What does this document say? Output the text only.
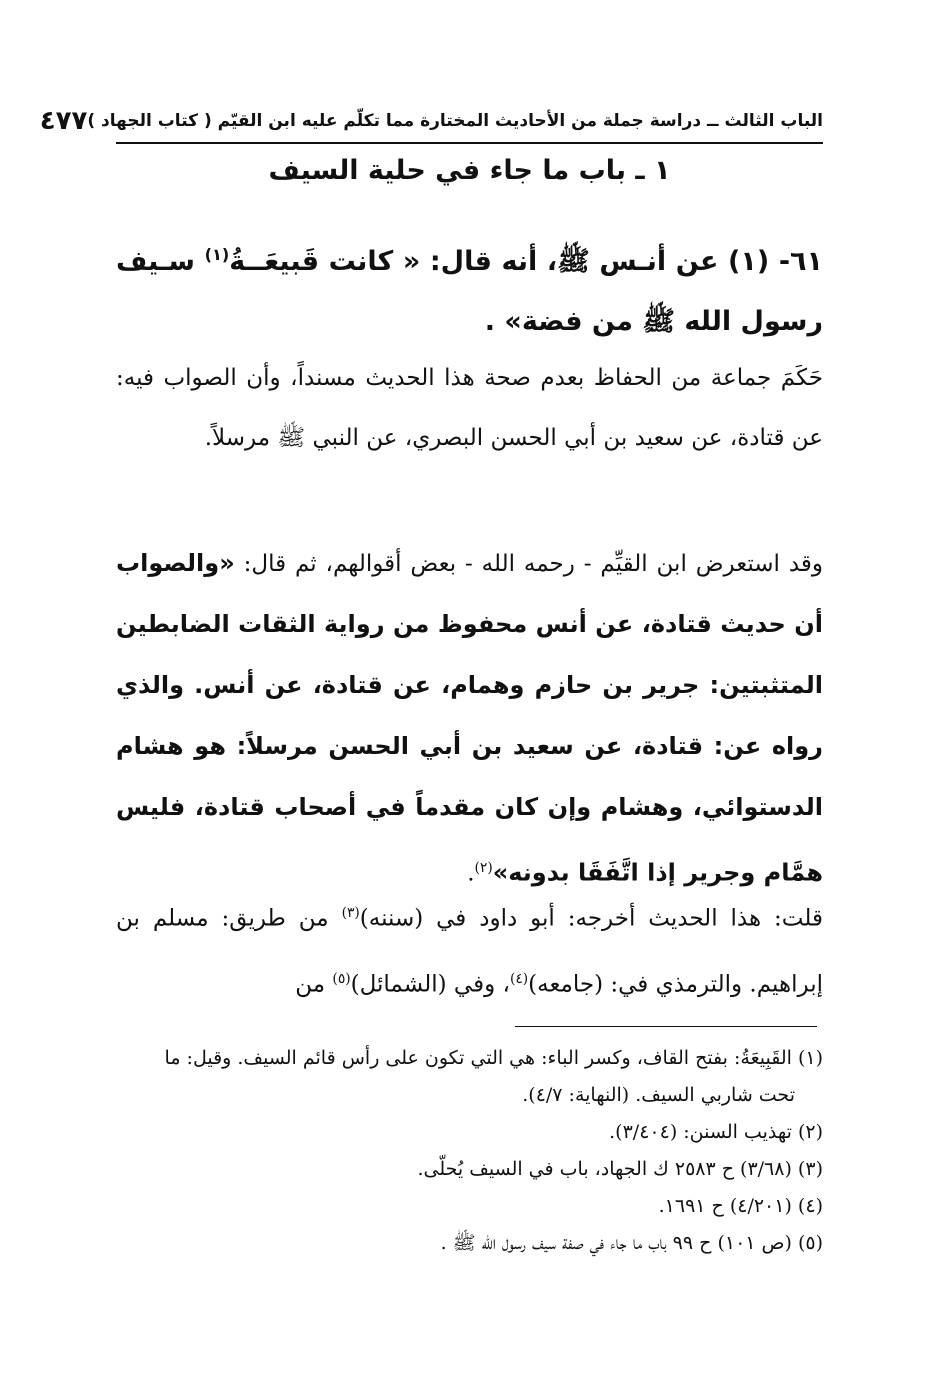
الباب الثالث ــ دراسة جملة من الأحاديث المختارة مما تكلّم عليه ابن القيّم ( كتاب الجهاد )
٤٧٧
١ ـ باب ما جاء في حلية السيف
٦١- (١) عن أنـس ﷺ، أنه قال: « كانت قَبيعَــةُ$^{(١)}$ سـيف رسول الله ﷺ من فضة» .
حَكَمَ جماعة من الحفاظ بعدم صحة هذا الحديث مسنداً، وأن الصواب فيه: عن قتادة، عن سعيد بن أبي الحسن البصري، عن النبي ﷺ مرسلاً.
وقد استعرض ابن القيِّم - رحمه الله - بعض أقوالهم، ثم قال: «والصواب أن حديث قتادة، عن أنس محفوظ من رواية الثقات الضابطين المتثبتين: جرير بن حازم وهمام، عن قتادة، عن أنس. والذي رواه عن: قتادة، عن سعيد بن أبي الحسن مرسلاً: هو هشام الدستوائي، وهشام وإن كان مقدماً في أصحاب قتادة، فليس همَّام وجرير إذا اتَّفَقَا بدونه»$^{(٢)}$.
قلت: هذا الحديث أخرجه: أبو داود في (سننه)$^{(٣)}$ من طريق: مسلم بن إبراهيم. والترمذي في: (جامعه)$^{(٤)}$، وفي (الشمائل)$^{(٥)}$ من

(١) القَبِيعَةُ: بفتح القاف، وكسر الباء: هي التي تكون على رأس قائم السيف. وقيل: ما

تحت شاربي السيف. (النهاية: ٤/٧).

(٢) تهذيب السنن: (٣/٤٠٤).

(٣) (٣/٦٨) ح ٢٥٨٣ ك الجهاد، باب في السيف يُحلّى.

(٤) (٤/٢٠١) ح ١٦٩١.

(٥) (ص ١٠١) ح ٩٩ باب ما جاء في صفة سيف رسول الله ﷺ .
